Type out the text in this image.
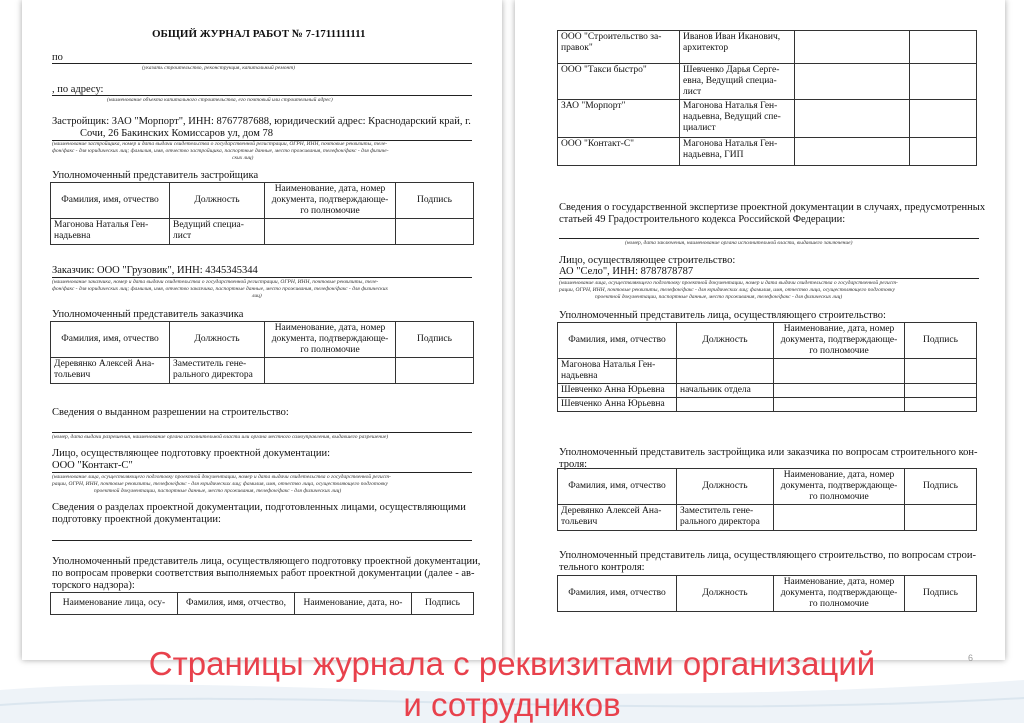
ОБЩИЙ ЖУРНАЛ РАБОТ № 7-1711111111
по
(указать строительство, реконструкция, капитальный ремонт)
, по адресу:
(наименование объекта капитального строительства, его почтовый или строительный адрес)
Застройщик: ЗАО "Морпорт", ИНН: 8767787688, юридический адрес: Краснодарский край, г.
Сочи, 26 Бакинских Комиссаров ул, дом 78
(наименование застройщика, номер и дата выдачи свидетельства о государственной регистрации, ОГРН, ИНН, почтовые реквизиты, теле-
фон/факс - для юридических лиц; фамилия, имя, отчество застройщика, паспортные данные, место проживания, телефон/факс - для физиче-
ских лиц)
Уполномоченный представитель застройщика
Фамилия, имя, отчество	Должность	Наименование, дата, номер документа, подтверждающе-го полномочие	Подпись
Магонова Наталья Ген-надьевна	Ведущий специа-лист		
Заказчик: ООО "Грузовик", ИНН: 4345345344
(наименование заказчика, номер и дата выдачи свидетельства о государственной регистрации, ОГРН, ИНН, почтовые реквизиты, теле-
фон/факс - для юридических лиц; фамилия, имя, отчество заказчика, паспортные данные, место проживания, телефон/факс - для физических
лиц)
Уполномоченный представитель заказчика
Фамилия, имя, отчество	Должность	Наименование, дата, номер документа, подтверждающе-го полномочие	Подпись
Деревянко Алексей Ана-тольевич	Заместитель гене-рального директора		
Сведения о выданном разрешении на строительство:
(номер, дата выдачи разрешения, наименование органа исполнительной власти или органа местного самоуправления, выдавшего разрешение)
Лицо, осуществляющее подготовку проектной документации:
ООО "Контакт-С"
(наименование лица, осуществляющего подготовку проектной документации, номер и дата выдачи свидетельства о государственной регист-
рации, ОГРН, ИНН, почтовые реквизиты, телефон/факс - для юридических лиц; фамилия, имя, отчество лица, осуществляющего подготовку
проектной документации, паспортные данные, место проживания, телефон/факс - для физических лиц)
Сведения о разделах проектной документации, подготовленных лицами, осуществляющими
подготовку проектной документации:
Уполномоченный представитель лица, осуществляющего подготовку проектной документации,
по вопросам проверки соответствия выполняемых работ проектной документации (далее - ав-
торского надзора):
Наименование лица, осу-	Фамилия, имя, отчество,	Наименование, дата, но-	Подпись
ООО "Строительство за-правок"	Иванов Иван Иканович, архитектор		
ООО "Такси быстро"	Шевченко Дарья Серге-евна, Ведущий специа-лист		
ЗАО "Морпорт"	Магонова Наталья Ген-надьевна, Ведущий спе-циалист		
ООО "Контакт-С"	Магонова Наталья Ген-надьевна, ГИП		
Сведения о государственной экспертизе проектной документации в случаях, предусмотренных
статьей 49 Градостроительного кодекса Российской Федерации:
(номер, дата заключения, наименование органа исполнительной власти, выдавшего заключение)
Лицо, осуществляющее строительство:
АО "Село", ИНН: 8787878787
(наименование лица, осуществляющего подготовку проектной документации, номер и дата выдачи свидетельства о государственной регист-
рации, ОГРН, ИНН, почтовые реквизиты, телефон/факс - для юридических лиц; фамилия, имя, отчество лица, осуществляющего подготовку
проектной документации, паспортные данные, место проживания, телефон/факс - для физических лиц)
Уполномоченный представитель лица, осуществляющего строительство:
Фамилия, имя, отчество	Должность	Наименование, дата, номер документа, подтверждающе-го полномочие	Подпись
Магонова Наталья Ген-надьевна			
Шевченко Анна Юрьевна	начальник отдела		
Шевченко Анна Юрьевна			
Уполномоченный представитель застройщика или заказчика по вопросам строительного кон-
троля:
Фамилия, имя, отчество	Должность	Наименование, дата, номер документа, подтверждающе-го полномочие	Подпись
Деревянко Алексей Ана-тольевич	Заместитель гене-рального директора		
Уполномоченный представитель лица, осуществляющего строительство, по вопросам строи-
тельного контроля:
Фамилия, имя, отчество	Должность	Наименование, дата, номер документа, подтверждающе-го полномочие	Подпись
Страницы журнала с реквизитами организаций
и сотрудников
6
